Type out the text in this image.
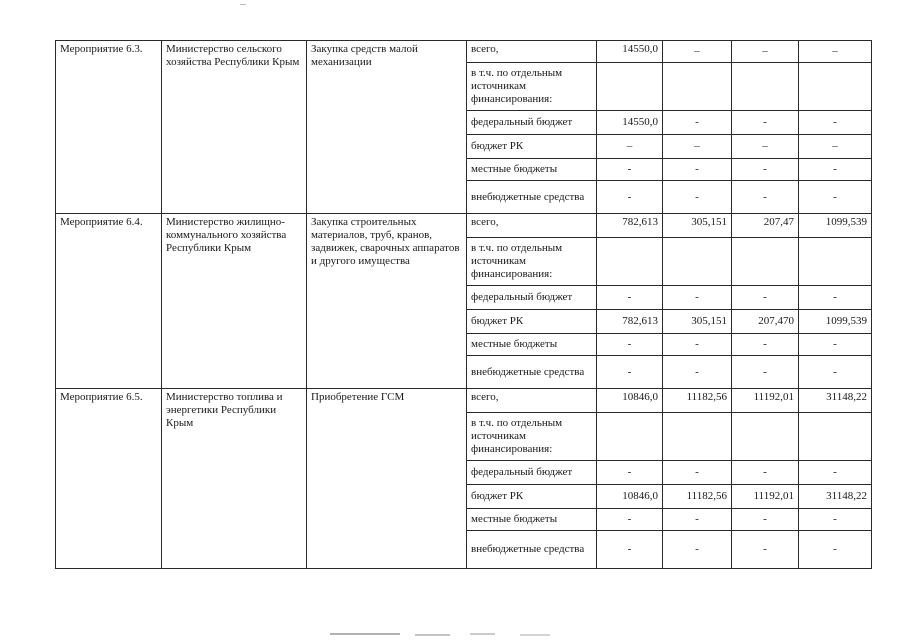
Мероприятие 6.3.	Министерство сельского хозяйства Республики Крым	Закупка средств малой механизации	всего,	14550,0	–	–	–
			в т.ч. по отдельным источникам финансирования:				
			федеральный бюджет	14550,0	-	-	-
			бюджет РК	–	–	–	–
			местные бюджеты	-	-	-	-
			внебюджетные средства	-	-	-	-
Мероприятие 6.4.	Министерство жилищно-коммунального хозяйства Республики Крым	Закупка строительных материалов, труб, кранов, задвижек, сварочных аппаратов и другого имущества	всего,	782,613	305,151	207,47	1099,539
			в т.ч. по отдельным источникам финансирования:				
			федеральный бюджет	-	-	-	-
			бюджет РК	782,613	305,151	207,470	1099,539
			местные бюджеты	-	-	-	-
			внебюджетные средства	-	-	-	-
Мероприятие 6.5.	Министерство топлива и энергетики Республики Крым	Приобретение ГСМ	всего,	10846,0	11182,56	11192,01	31148,22
			в т.ч. по отдельным источникам финансирования:				
			федеральный бюджет	-	-	-	-
			бюджет РК	10846,0	11182,56	11192,01	31148,22
			местные бюджеты	-	-	-	-
			внебюджетные средства	-	-	-	-
